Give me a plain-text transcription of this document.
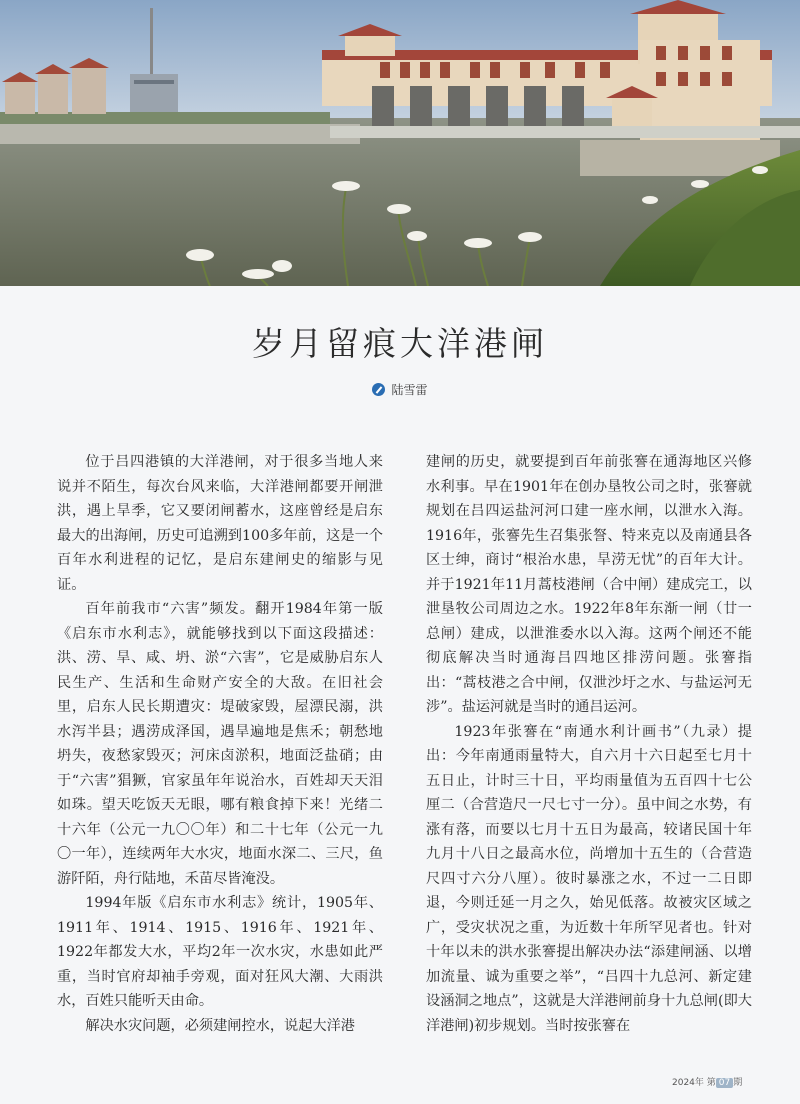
岁月留痕大洋港闸
陆雪雷

位于吕四港镇的大洋港闸，对于很多当地人来说并不陌生，每次台风来临，大洋港闸都要开闸泄洪，遇上旱季，它又要闭闸蓄水，这座曾经是启东最大的出海闸，历史可追溯到100多年前，这是一个百年水利进程的记忆，是启东建闸史的缩影与见证。

百年前我市“六害”频发。翻开1984年第一版《启东市水利志》，就能够找到以下面这段描述：洪、涝、旱、咸、坍、淤“六害”，它是威胁启东人民生产、生活和生命财产安全的大敌。在旧社会里，启东人民长期遭灾：堤破家毁，屋漂民溺，洪水泻半县；遇涝成泽国，遇旱遍地是焦禾；朝愁地坍失，夜愁家毁灭；河床卤淤积，地面泛盐硝；由于“六害”猖獗，官家虽年年说治水，百姓却天天泪如珠。望天吃饭天无眼，哪有粮食掉下来！光绪二十六年（公元一九〇〇年）和二十七年（公元一九〇一年），连续两年大水灾，地面水深二、三尺，鱼游阡陌，舟行陆地，禾苗尽皆淹没。

1994年版《启东市水利志》统计，1905年、1911年、1914、1915、1916年、1921年、1922年都发大水，平均2年一次水灾，水患如此严重，当时官府却袖手旁观，面对狂风大潮、大雨洪水，百姓只能听天由命。

解决水灾问题，必须建闸控水，说起大洋港

建闸的历史，就要提到百年前张謇在通海地区兴修水利事。早在1901年在创办垦牧公司之时，张謇就规划在吕四运盐河河口建一座水闸，以泄水入海。1916年，张謇先生召集张詧、特来克以及南通县各区士绅，商讨“根治水患，旱涝无忧”的百年大计。并于1921年11月蒿枝港闸（合中闸）建成完工，以泄垦牧公司周边之水。1922年8年东渐一闸（廿一总闸）建成，以泄淮委水以入海。这两个闸还不能彻底解决当时通海吕四地区排涝问题。张謇指出：“蒿枝港之合中闸，仅泄沙圩之水、与盐运河无涉”。盐运河就是当时的通吕运河。

1923年张謇在“南通水利计画书”（九录）提出：今年南通雨量特大，自六月十六日起至七月十五日止，计时三十日，平均雨量值为五百四十七公厘二（合营造尺一尺七寸一分）。虽中间之水势，有涨有落，而要以七月十五日为最高，较诸民国十年九月十八日之最高水位，尚增加十五生的（合营造尺四寸六分八厘）。彼时暴涨之水，不过一二日即退，今则迁延一月之久，始见低落。故被灾区域之广，受灾状况之重，为近数十年所罕见者也。针对十年以未的洪水张謇提出解决办法“添建闸涵、以增加流量、诚为重要之举”，“吕四十九总河、新定建设涵洞之地点”，这就是大洋港闸前身十九总闸(即大洋港闸)初步规划。当时按张謇在

2024年 第 07 期
